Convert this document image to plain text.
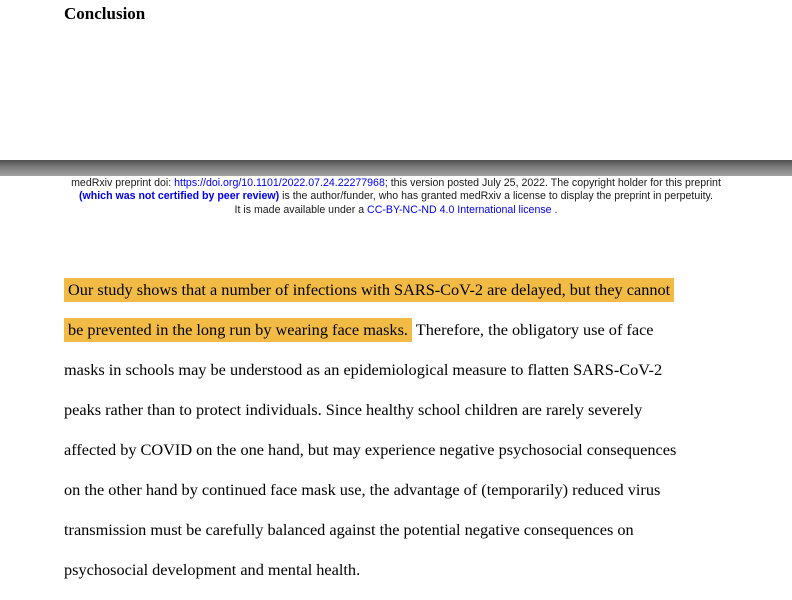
Conclusion
medRxiv preprint doi: https://doi.org/10.1101/2022.07.24.22277968; this version posted July 25, 2022. The copyright holder for this preprint
(which was not certified by peer review) is the author/funder, who has granted medRxiv a license to display the preprint in perpetuity.
It is made available under a CC-BY-NC-ND 4.0 International license .
Our study shows that a number of infections with SARS-CoV-2 are delayed, but they cannot
be prevented in the long run by wearing face masks. Therefore, the obligatory use of face
masks in schools may be understood as an epidemiological measure to flatten SARS-CoV-2
peaks rather than to protect individuals. Since healthy school children are rarely severely
affected by COVID on the one hand, but may experience negative psychosocial consequences
on the other hand by continued face mask use, the advantage of (temporarily) reduced virus
transmission must be carefully balanced against the potential negative consequences on
psychosocial development and mental health.
